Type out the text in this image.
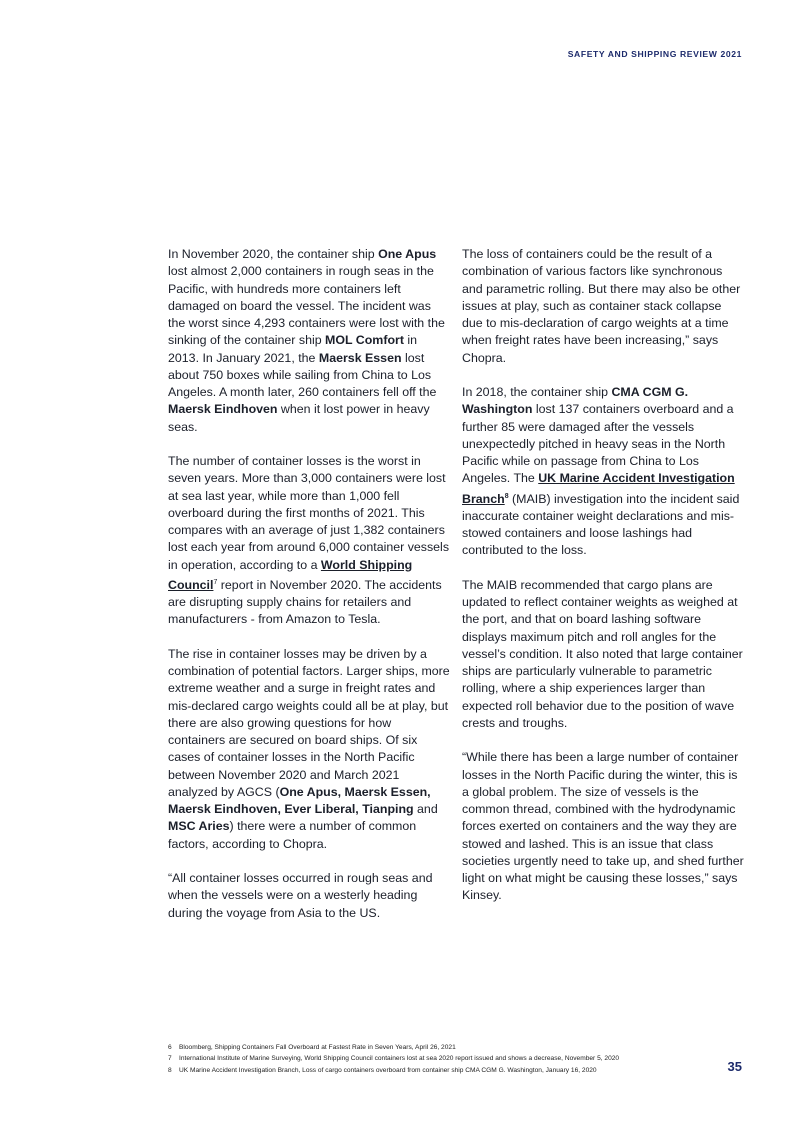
SAFETY AND SHIPPING REVIEW 2021

In November 2020, the container ship One Apus lost almost 2,000 containers in rough seas in the Pacific, with hundreds more containers left damaged on board the vessel. The incident was the worst since 4,293 containers were lost with the sinking of the container ship MOL Comfort in 2013. In January 2021, the Maersk Essen lost about 750 boxes while sailing from China to Los Angeles. A month later, 260 containers fell off the Maersk Eindhoven when it lost power in heavy seas.

The number of container losses is the worst in seven years. More than 3,000 containers were lost at sea last year, while more than 1,000 fell overboard during the first months of 2021. This compares with an average of just 1,382 containers lost each year from around 6,000 container vessels in operation, according to a World Shipping Council$^7$ report in November 2020. The accidents are disrupting supply chains for retailers and manufacturers - from Amazon to Tesla.

The rise in container losses may be driven by a combination of potential factors. Larger ships, more extreme weather and a surge in freight rates and mis-declared cargo weights could all be at play, but there are also growing questions for how containers are secured on board ships. Of six cases of container losses in the North Pacific between November 2020 and March 2021 analyzed by AGCS (One Apus, Maersk Essen, Maersk Eindhoven, Ever Liberal, Tianping and MSC Aries) there were a number of common factors, according to Chopra.

“All container losses occurred in rough seas and when the vessels were on a westerly heading during the voyage from Asia to the US.

The loss of containers could be the result of a combination of various factors like synchronous and parametric rolling. But there may also be other issues at play, such as container stack collapse due to mis-declaration of cargo weights at a time when freight rates have been increasing,” says Chopra.

In 2018, the container ship CMA CGM G. Washington lost 137 containers overboard and a further 85 were damaged after the vessels unexpectedly pitched in heavy seas in the North Pacific while on passage from China to Los Angeles. The UK Marine Accident Investigation Branch$^8$ (MAIB) investigation into the incident said inaccurate container weight declarations and mis-stowed containers and loose lashings had contributed to the loss.

The MAIB recommended that cargo plans are updated to reflect container weights as weighed at the port, and that on board lashing software displays maximum pitch and roll angles for the vessel’s condition. It also noted that large container ships are particularly vulnerable to parametric rolling, where a ship experiences larger than expected roll behavior due to the position of wave crests and troughs.

“While there has been a large number of container losses in the North Pacific during the winter, this is a global problem. The size of vessels is the common thread, combined with the hydrodynamic forces exerted on containers and the way they are stowed and lashed. This is an issue that class societies urgently need to take up, and shed further light on what might be causing these losses,” says Kinsey.

6 Bloomberg, Shipping Containers Fall Overboard at Fastest Rate in Seven Years, April 26, 2021
7 International Institute of Marine Surveying, World Shipping Council containers lost at sea 2020 report issued and shows a decrease, November 5, 2020
8 UK Marine Accident Investigation Branch, Loss of cargo containers overboard from container ship CMA CGM G. Washington, January 16, 2020	35
